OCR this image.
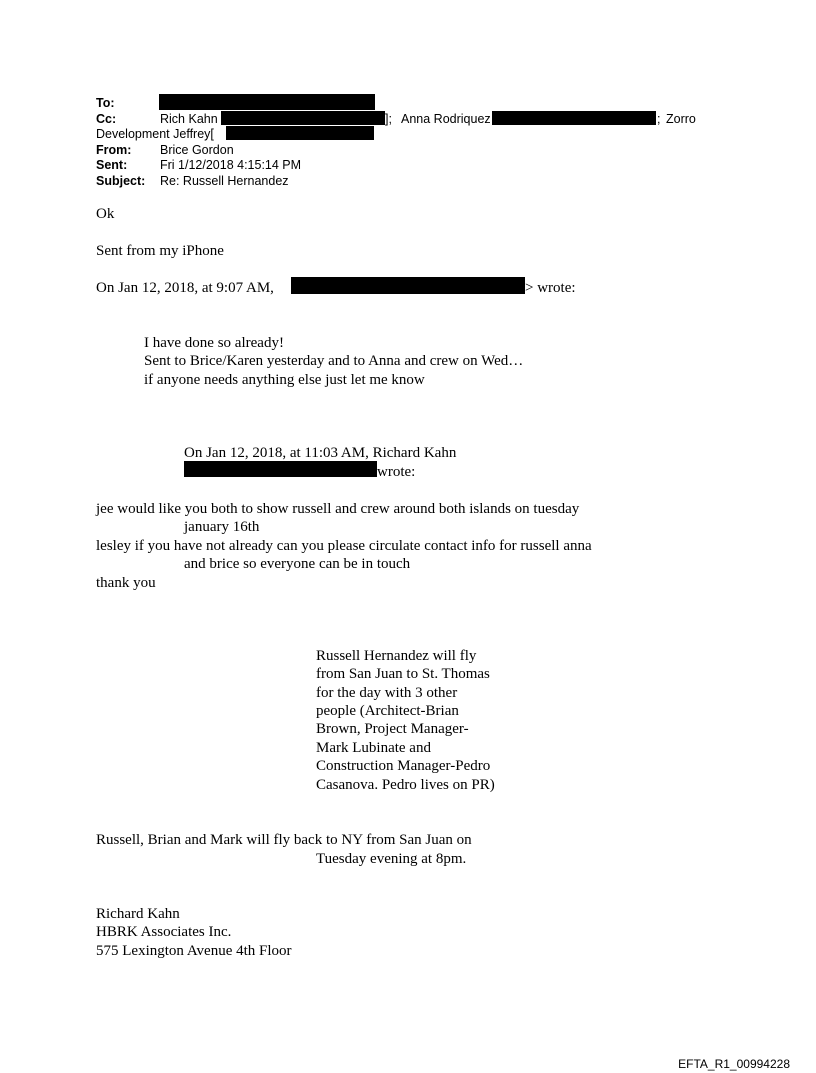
To:
Cc:	Rich Kahn	]; Anna Rodriquez	; Zorro
Development Jeffrey[
From: Brice Gordon
Sent:	Fri 1/12/2018 4:15:14 PM
Subject: Re: Russell Hernandez
Ok
Sent from my iPhone
On Jan 12, 2018, at 9:07 AM,	> wrote:
I have done so already!
Sent to Brice/Karen yesterday and to Anna and crew on Wed…
if anyone needs anything else just let me know
On Jan 12, 2018, at 11:03 AM, Richard Kahn
wrote:
jee would like you both to show russell and crew around both islands on tuesday
january 16th
lesley if you have not already can you please circulate contact info for russell anna
and brice so everyone can be in touch
thank you
Russell Hernandez will fly
from San Juan to St. Thomas
for the day with 3 other
people (Architect-Brian
Brown, Project Manager-
Mark Lubinate and
Construction Manager-Pedro
Casanova. Pedro lives on PR)
Russell, Brian and Mark will fly back to NY from San Juan on
Tuesday evening at 8pm.
Richard Kahn
HBRK Associates Inc.
575 Lexington Avenue 4th Floor
EFTA_R1_00994228
